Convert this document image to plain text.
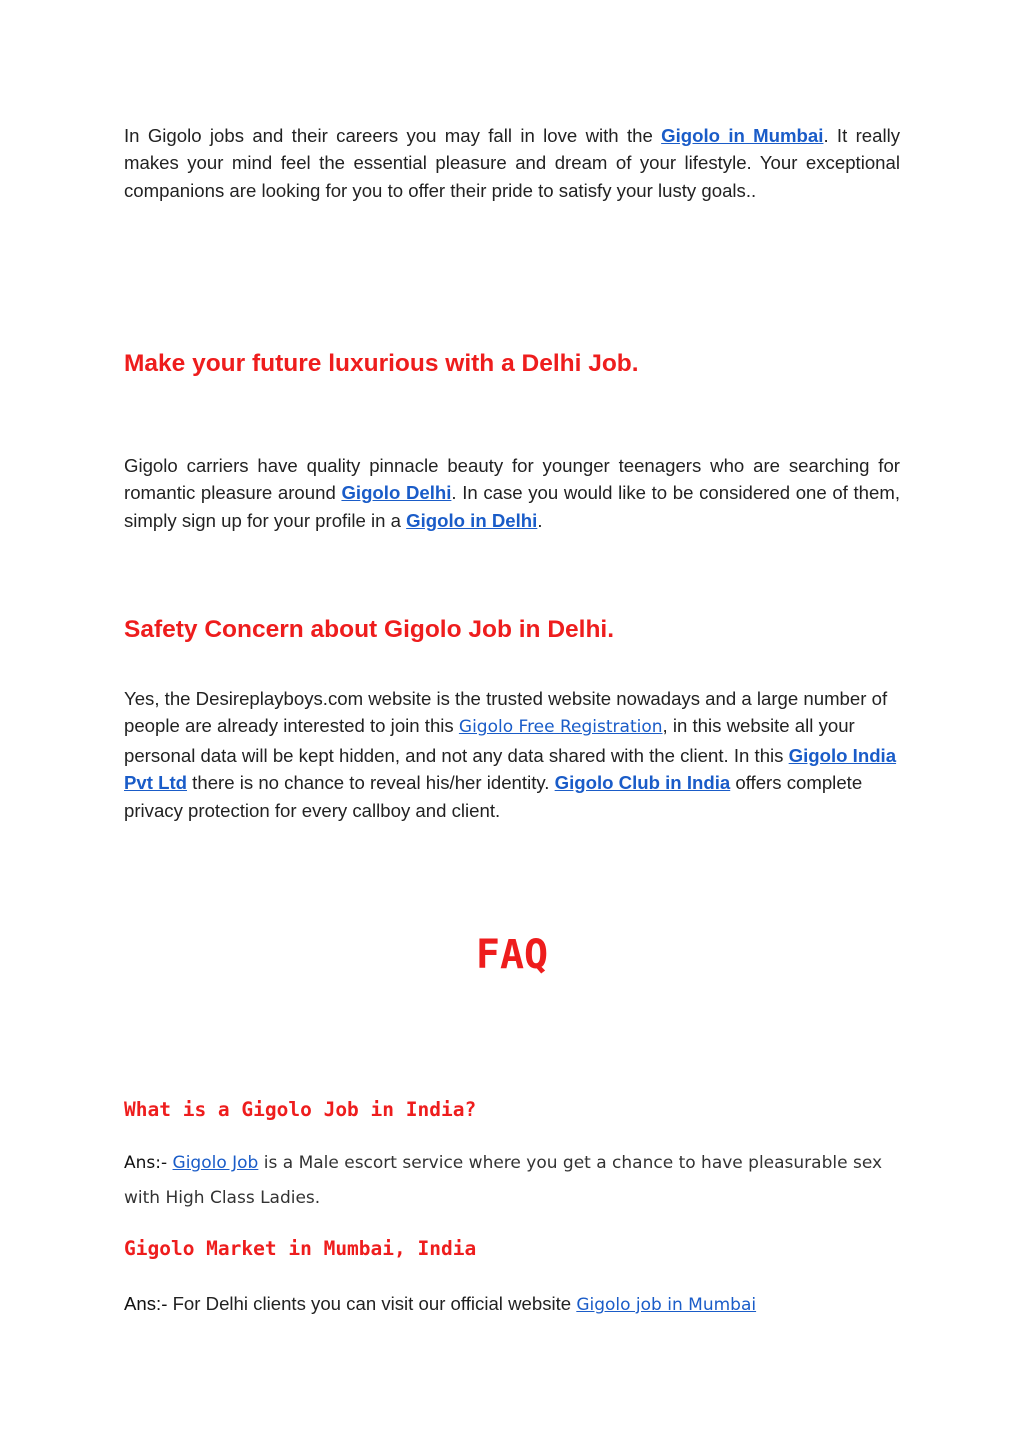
In Gigolo jobs and their careers you may fall in love with the Gigolo in Mumbai. It really makes your mind feel the essential pleasure and dream of your lifestyle. Your exceptional companions are looking for you to offer their pride to satisfy your lusty goals..

Make your future luxurious with a Delhi Job.

Gigolo carriers have quality pinnacle beauty for younger teenagers who are searching for romantic pleasure around Gigolo Delhi. In case you would like to be considered one of them, simply sign up for your profile in a Gigolo in Delhi.

Safety Concern about Gigolo Job in Delhi.

Yes, the Desireplayboys.com website is the trusted website nowadays and a large number of people are already interested to join this Gigolo Free Registration, in this website all your personal data will be kept hidden, and not any data shared with the client. In this Gigolo India Pvt Ltd there is no chance to reveal his/her identity. Gigolo Club in India offers complete privacy protection for every callboy and client.

FAQ
What is a Gigolo Job in India?

Ans:- Gigolo Job is a Male escort service where you get a chance to have pleasurable sex with High Class Ladies.

Gigolo Market in Mumbai, India

Ans:- For Delhi clients you can visit our official website Gigolo job in Mumbai
